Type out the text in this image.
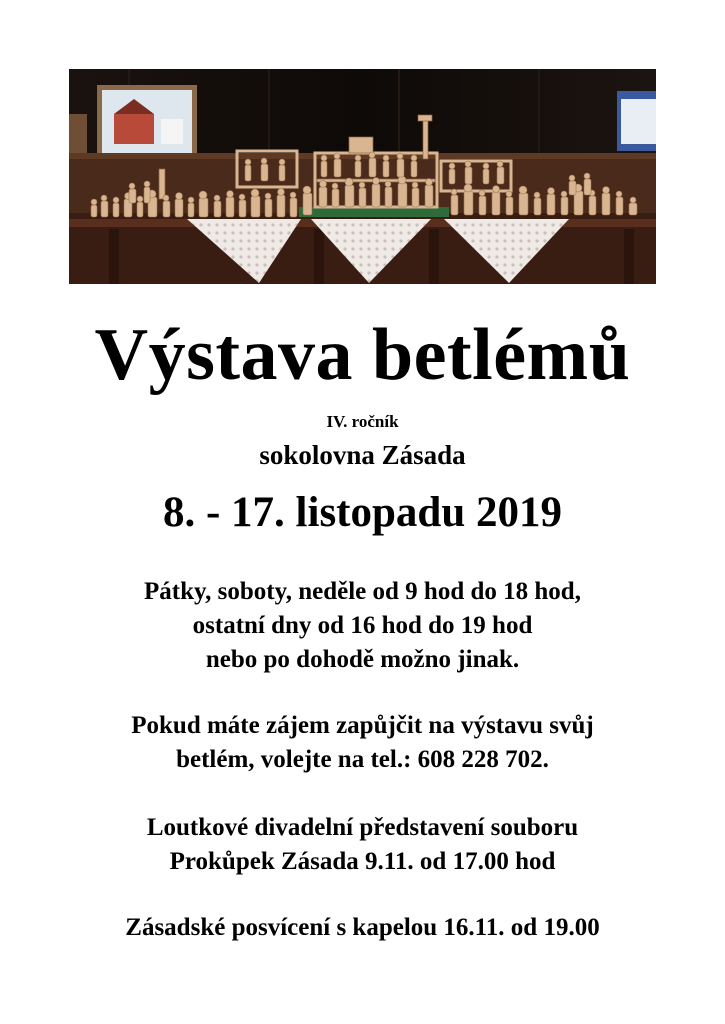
Výstava betlémů
IV. ročník
sokolovna Zásada
8. - 17. listopadu 2019
Pátky, soboty, neděle od 9 hod do 18 hod,
ostatní dny od 16 hod do 19 hod
nebo po dohodě možno jinak.
Pokud máte zájem zapůjčit na výstavu svůj
betlém, volejte na tel.: 608 228 702.
Loutkové divadelní představení souboru
Prokůpek Zásada 9.11. od 17.00 hod
Zásadské posvícení s kapelou 16.11. od 19.00
